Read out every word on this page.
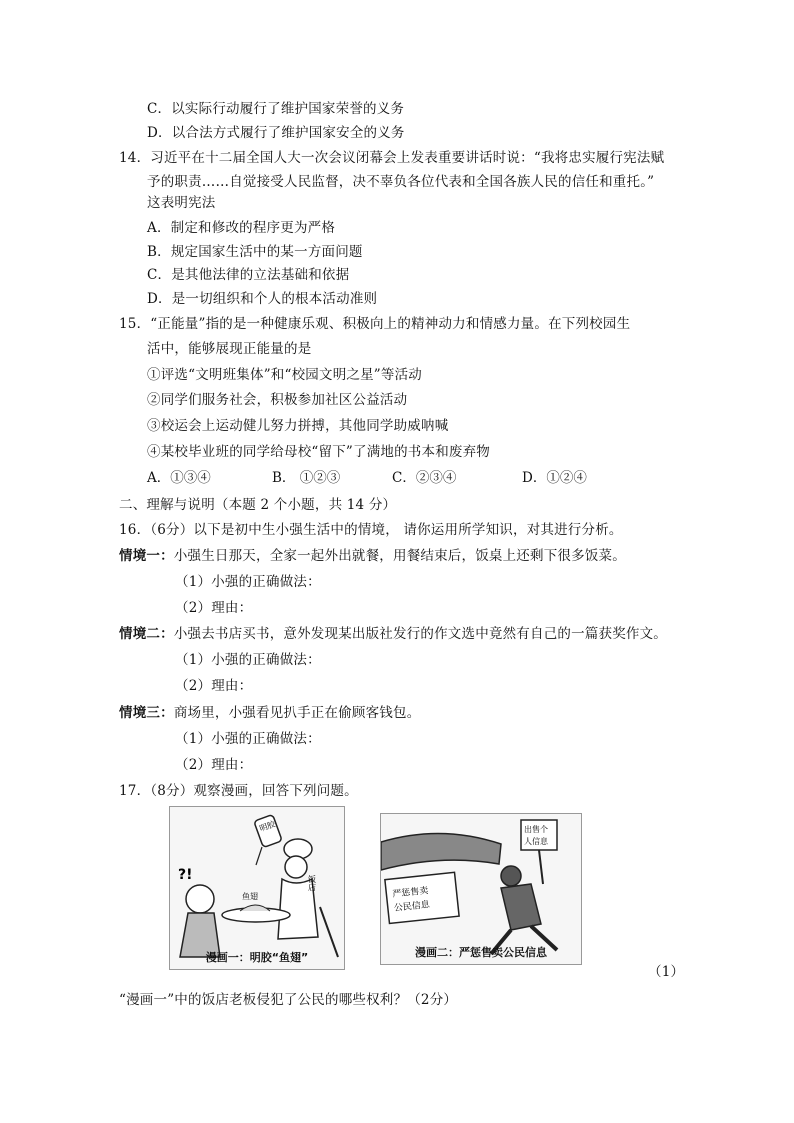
C．以实际行动履行了维护国家荣誉的义务
D．以合法方式履行了维护国家安全的义务
14．习近平在十二届全国人大一次会议闭幕会上发表重要讲话时说：“我将忠实履行宪法赋
予的职责……自觉接受人民监督，决不辜负各位代表和全国各族人民的信任和重托。”
这表明宪法
A．制定和修改的程序更为严格
B．规定国家生活中的某一方面问题
C．是其他法律的立法基础和依据
D．是一切组织和个人的根本活动准则
15．“正能量”指的是一种健康乐观、积极向上的精神动力和情感力量。在下列校园生
活中，能够展现正能量的是
①评选“文明班集体”和“校园文明之星”等活动
②同学们服务社会，积极参加社区公益活动
③校运会上运动健儿努力拼搏，其他同学助威呐喊
④某校毕业班的同学给母校“留下”了满地的书本和废弃物
A．①③④	B． ①②③	C．②③④	D．①②④
二、理解与说明（本题 2 个小题，共 14 分）
16．（6分）以下是初中生小强生活中的情境， 请你运用所学知识，对其进行分析。
情境一：小强生日那天，全家一起外出就餐，用餐结束后，饭桌上还剩下很多饭菜。
（1）小强的正确做法：
（2）理由：
情境二：小强去书店买书，意外发现某出版社发行的作文选中竟然有自己的一篇获奖作文。
（1）小强的正确做法：
（2）理由：
情境三：商场里，小强看见扒手正在偷顾客钱包。
（1）小强的正确做法：
（2）理由：
17．（8分）观察漫画，回答下列问题。
明胶
饭店
鱼翅
?!
漫画一：明胶“鱼翅”
出售个
人信息
严惩售卖
公民信息
漫画二：严惩售卖公民信息
（1）
“漫画一”中的饭店老板侵犯了公民的哪些权利？（2分）
